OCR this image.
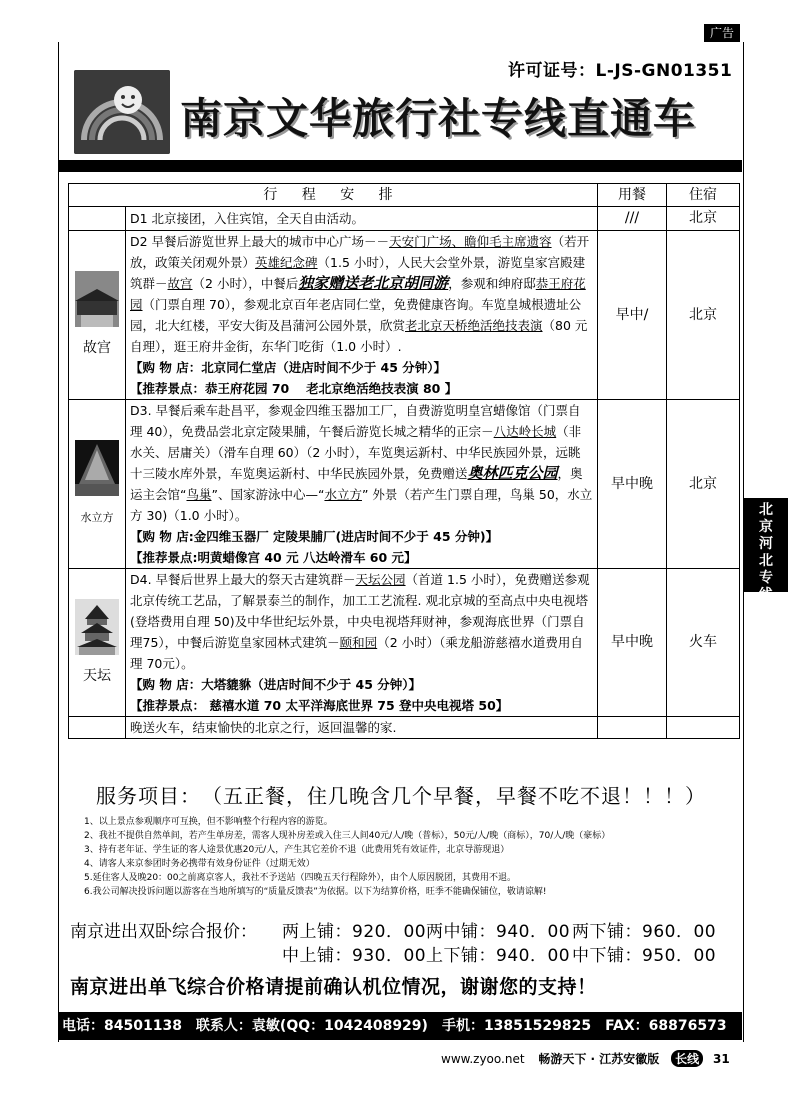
广告
许可证号：L-JS-GN01351
南京文华旅行社专线直通车
行 程 安 排		用餐	住宿
	D1 北京接团，入住宾馆，全天自由活动。	///	北京

故宫	D2 早餐后游览世界上最大的城市中心广场－－天安门广场、瞻仰毛主席遗容（若开放，政策关闭观外景）英雄纪念碑（1.5 小时），人民大会堂外景，游览皇家宫殿建筑群－故宫（2 小时），中餐后独家赠送老北京胡同游，参观和绅府邸恭王府花园（门票自理 70），参观北京百年老店同仁堂，免费健康咨询。车览皇城根遗址公园，北大红楼，平安大街及昌蒲河公园外景，欣赏老北京天桥绝活绝技表演（80 元自理），逛王府井金街，东华门吃街（1.0 小时）.
【购 物 店：北京同仁堂店（进店时间不少于 45 分钟）】
【推荐景点：恭王府花园 70　 老北京绝活绝技表演 80 】	早中/	北京

水立方	D3. 早餐后乘车赴昌平，参观金四维玉器加工厂，自费游览明皇宫蜡像馆（门票自理 40），免费品尝北京定陵果脯，午餐后游览长城之精华的正宗－八达岭长城（非水关、居庸关）（滑车自理 60）（2 小时），车览奥运新村、中华民族园外景，远眺十三陵水库外景，车览奥运新村、中华民族园外景，免费赠送奥林匹克公园，奥运主会馆“鸟巢”、国家游泳中心—“水立方” 外景（若产生门票自理，鸟巢 50，水立方 30)（1.0 小时）。
【购 物 店:金四维玉器厂 定陵果脯厂(进店时间不少于 45 分钟)】
【推荐景点:明黄蜡像宫 40 元 八达岭滑车 60 元】	早中晚	北京

天坛	D4. 早餐后世界上最大的祭天古建筑群－天坛公园（首道 1.5 小时），免费赠送参观北京传统工艺品，了解景泰兰的制作，加工工艺流程. 观北京城的至高点中央电视塔(登塔费用自理 50)及中华世纪坛外景，中央电视塔拜财神，参观海底世界（门票自理75），中餐后游览皇家园林式建筑－颐和园（2 小时）（乘龙船游慈禧水道费用自理 70元）。
【购 物 店：大塔貔貅（进店时间不少于 45 分钟）】
【推荐景点： 慈禧水道 70 太平洋海底世界 75 登中央电视塔 50】	早中晚	火车
	晚送火车，结束愉快的北京之行，返回温馨的家.		
北京河北专线
服务项目：　（五正餐，住几晚含几个早餐，早餐不吃不退！！！）
1、以上景点参观顺序可互换，但不影响整个行程内容的游览。
2、我社不提供自然单间，若产生单房差，需客人现补房差或入住三人间40元/人/晚（普标），50元/人/晚（商标），70/人/晚（豪标）
3、持有老年证、学生证的客人途景优惠20元/人，产生其它差价不退（此费用凭有效证件，北京导游现退）
4、请客人来京参团时务必携带有效身份证件（过期无效）
5.延住客人及晚20：00之前离京客人，我社不予送站（四晚五天行程除外），由个人原因脱团，其费用不退。
6.我公司解决投诉问题以游客在当地所填写的“质量反馈表”为依据。以下为结算价格，旺季不能确保铺位，敬请谅解!
南京进出双卧综合报价： 两上铺：920．00 两中铺：940．00 两下铺：960．00
中上铺：930．00 上下铺：940．00 中下铺：950．00
南京进出单飞综合价格请提前确认机位情况，谢谢您的支持！
电话：84501138　联系人：袁敏(QQ：1042408929)　手机：13851529825　FAX：68876573
www.zyoo.net 畅游天下 · 江苏安徽版 长线 31
